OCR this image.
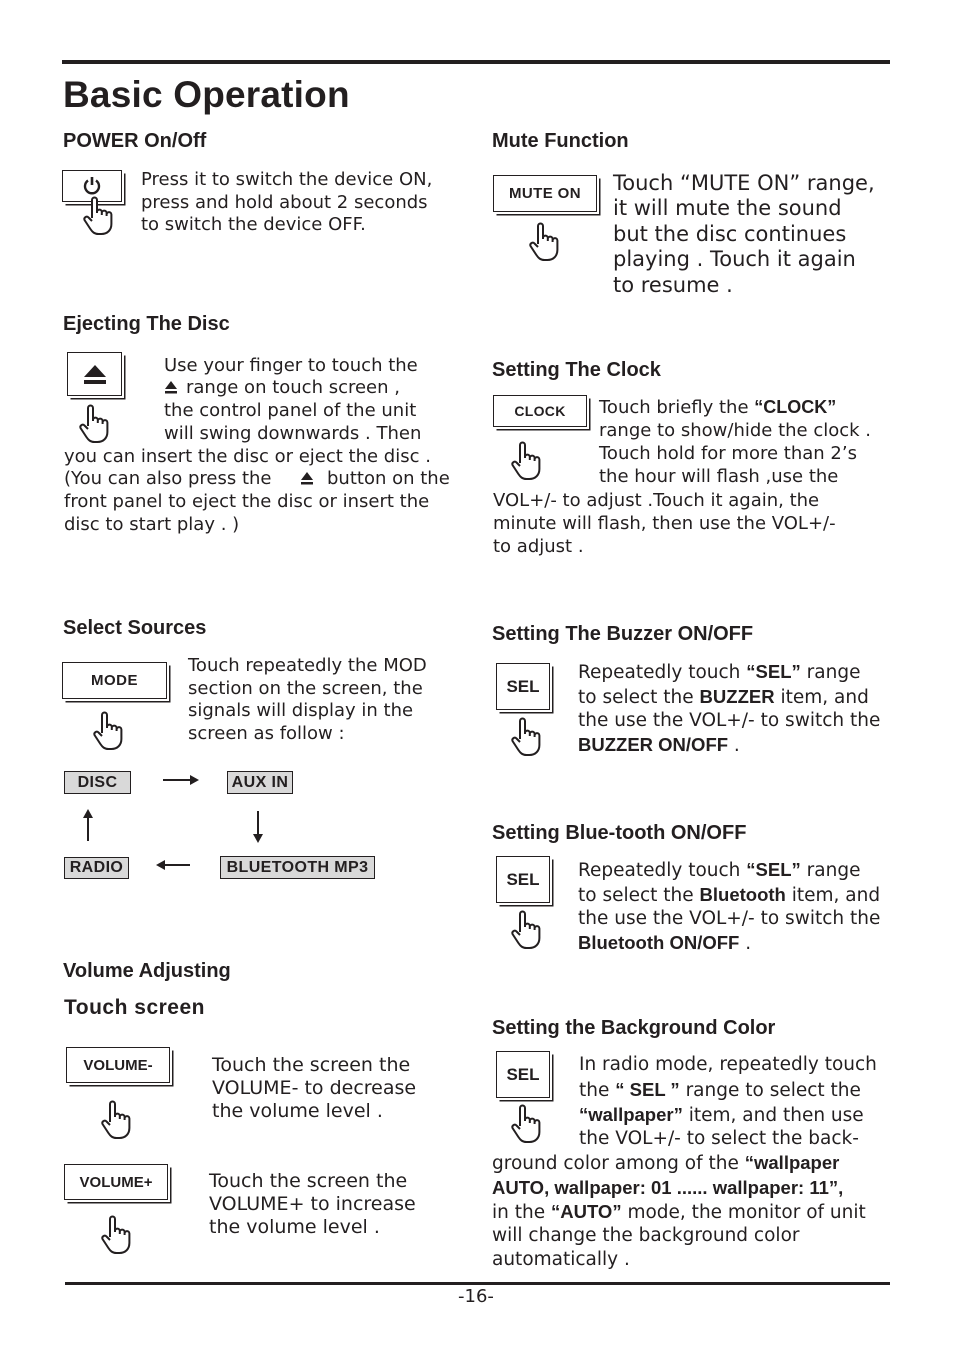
Basic Operation
-16-
POWER On/Off
Press it to switch the device ON,
press and hold about 2 seconds
to switch the device OFF.
Mute Function
MUTE ON	Touch “MUTE ON” range,
it will mute the sound
but the disc continues
playing . Touch it again
to resume .
Ejecting The Disc
Use your finger to touch the
range on touch screen ,
the control panel of the unit
will swing downwards . Then
you can insert the disc or eject the disc .
(You can also press the	button on the
front panel to eject the disc or insert the
disc to start play . )
Setting The Clock
CLOCK	Touch briefly the “CLOCK”
range to show/hide the clock .
Touch hold for more than 2’s
the hour will flash ,use the
VOL+/- to adjust .Touch it again, the
minute will flash, then use the VOL+/-
to adjust .
Select Sources
MODE
Touch repeatedly the MOD
section on the screen, the
signals will display in the
screen as follow :
DISC	AUX IN
RADIO	BLUETOOTH MP3
Setting The Buzzer ON/OFF
SEL
Repeatedly touch “SEL” range
to select the BUZZER item, and
the use the VOL+/- to switch the
BUZZER ON/OFF .
Setting Blue-tooth ON/OFF
SEL	Repeatedly touch “SEL” range
to select the Bluetooth item, and
the use the VOL+/- to switch the
Bluetooth ON/OFF .
Volume Adjusting
Touch screen
VOLUME-	Touch the screen the
VOLUME- to decrease
the volume level .
VOLUME+	Touch the screen the
VOLUME+ to increase
the volume level .
Setting the Background Color
SEL	In radio mode, repeatedly touch
the “ SEL ” range to select the
“wallpaper” item, and then use
the VOL+/- to select the back-
ground color among of the “wallpaper
AUTO, wallpaper: 01 ...... wallpaper: 11”,
in the “AUTO” mode, the monitor of unit
will change the background color
automatically .
